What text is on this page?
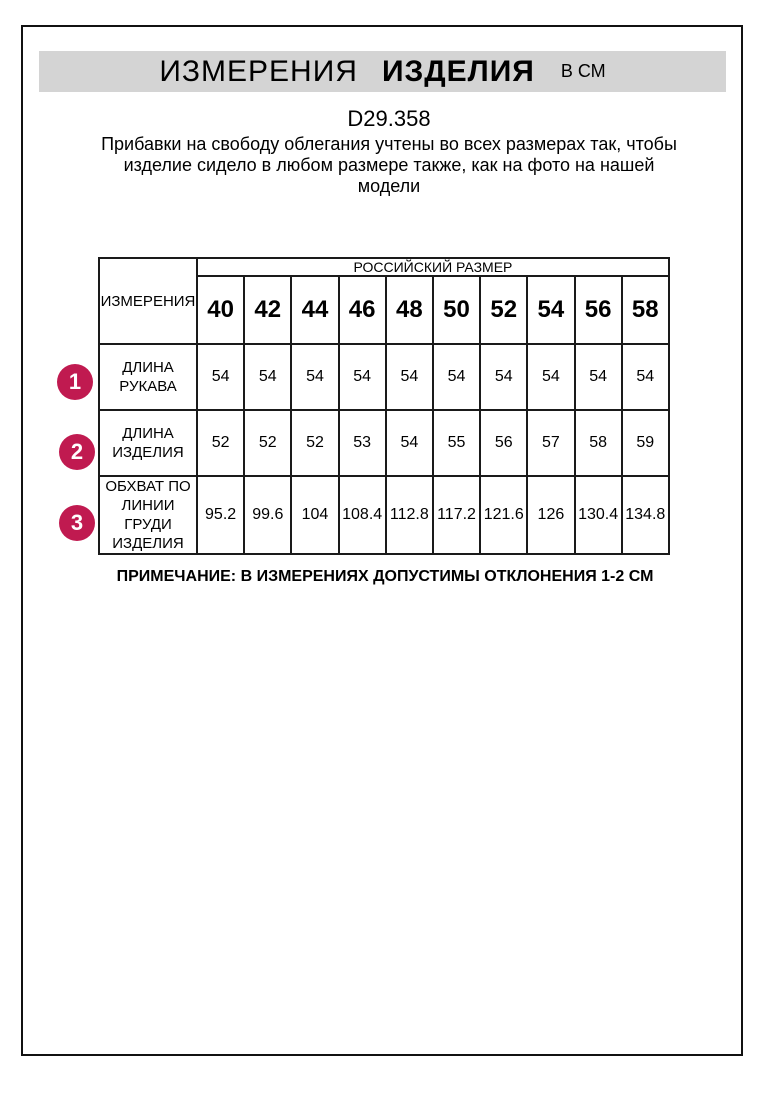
ИЗМЕРЕНИЯ ИЗДЕЛИЯ В СМ
D29.358
Прибавки на свободу облегания учтены во всех размерах так, чтобы изделие сидело в любом размере также, как на фото на нашей модели
ИЗМЕРЕНИЯ	РОССИЙСКИЙ РАЗМЕР									
	40	42	44	46	48	50	52	54	56	58
ДЛИНА РУКАВА	54	54	54	54	54	54	54	54	54	54
ДЛИНА ИЗДЕЛИЯ	52	52	52	53	54	55	56	57	58	59
ОБХВАТ ПО ЛИНИИ ГРУДИ ИЗДЕЛИЯ	95.2	99.6	104	108.4	112.8	117.2	121.6	126	130.4	134.8
1
2
3
ПРИМЕЧАНИЕ: В ИЗМЕРЕНИЯХ ДОПУСТИМЫ ОТКЛОНЕНИЯ 1-2 СМ
